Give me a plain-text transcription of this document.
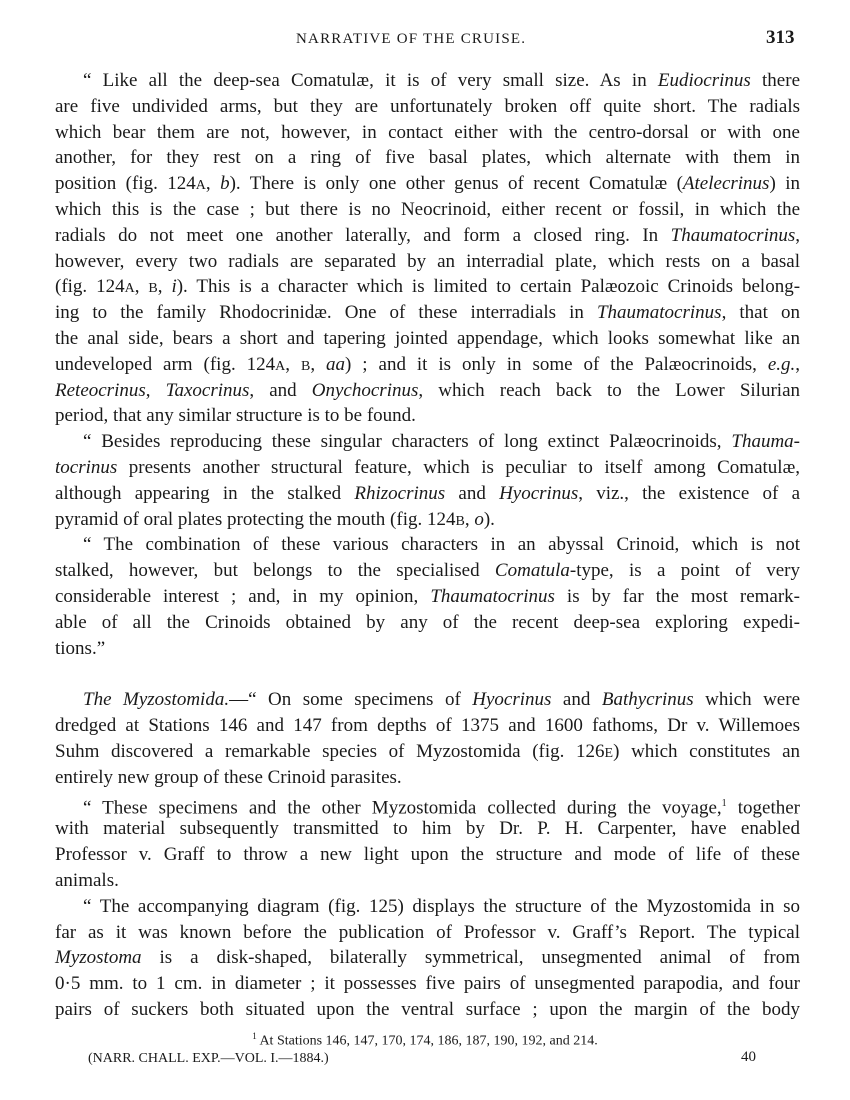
NARRATIVE OF THE CRUISE.	313
“ Like all the deep-sea Comatulæ, it is of very small size. As in Eudiocrinus there
are five undivided arms, but they are unfortunately broken off quite short. The radials
which bear them are not, however, in contact either with the centro-dorsal or with one
another, for they rest on a ring of five basal plates, which alternate with them in
position (fig. 124A, b). There is only one other genus of recent Comatulæ (Atelecrinus) in
which this is the case ; but there is no Neocrinoid, either recent or fossil, in which the
radials do not meet one another laterally, and form a closed ring. In Thaumatocrinus,
however, every two radials are separated by an interradial plate, which rests on a basal
(fig. 124A, B, i). This is a character which is limited to certain Palæozoic Crinoids belong-
ing to the family Rhodocrinidæ. One of these interradials in Thaumatocrinus, that on
the anal side, bears a short and tapering jointed appendage, which looks somewhat like an
undeveloped arm (fig. 124A, B, aa) ; and it is only in some of the Palæocrinoids, e.g.,
Reteocrinus, Taxocrinus, and Onychocrinus, which reach back to the Lower Silurian
period, that any similar structure is to be found.
“ Besides reproducing these singular characters of long extinct Palæocrinoids, Thauma-
tocrinus presents another structural feature, which is peculiar to itself among Comatulæ,
although appearing in the stalked Rhizocrinus and Hyocrinus, viz., the existence of a
pyramid of oral plates protecting the mouth (fig. 124B, o).
“ The combination of these various characters in an abyssal Crinoid, which is not
stalked, however, but belongs to the specialised Comatula-type, is a point of very
considerable interest ; and, in my opinion, Thaumatocrinus is by far the most remark-
able of all the Crinoids obtained by any of the recent deep-sea exploring expedi-
tions.”
The Myzostomida.—“ On some specimens of Hyocrinus and Bathycrinus which were
dredged at Stations 146 and 147 from depths of 1375 and 1600 fathoms, Dr v. Willemoes
Suhm discovered a remarkable species of Myzostomida (fig. 126E) which constitutes an
entirely new group of these Crinoid parasites.
“ These specimens and the other Myzostomida collected during the voyage,$^1$ together
with material subsequently transmitted to him by Dr. P. H. Carpenter, have enabled
Professor v. Graff to throw a new light upon the structure and mode of life of these
animals.
“ The accompanying diagram (fig. 125) displays the structure of the Myzostomida in so
far as it was known before the publication of Professor v. Graff’s Report. The typical
Myzostoma is a disk-shaped, bilaterally symmetrical, unsegmented animal of from
0·5 mm. to 1 cm. in diameter ; it possesses five pairs of unsegmented parapodia, and four
pairs of suckers both situated upon the ventral surface ; upon the margin of the body
$^1$ At Stations 146, 147, 170, 174, 186, 187, 190, 192, and 214.
(NARR. CHALL. EXP.—VOL. I.—1884.)	40
